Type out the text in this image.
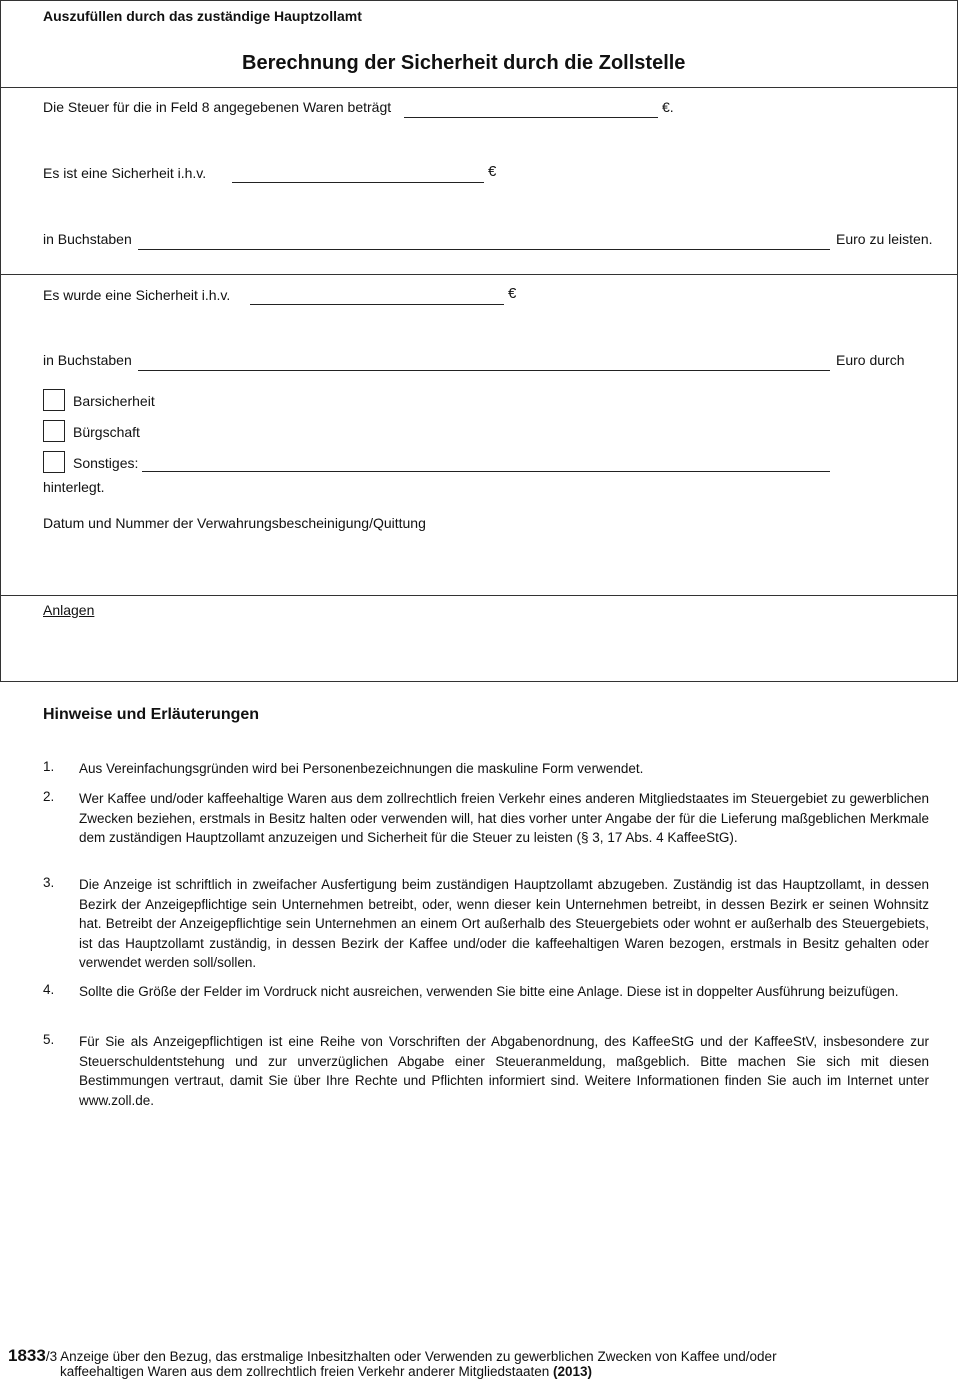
Auszufüllen durch das zuständige Hauptzollamt
Berechnung der Sicherheit durch die Zollstelle
Die Steuer für die in Feld 8 angegebenen Waren beträgt	€.
Es ist eine Sicherheit i.h.v.	€
in Buchstaben	Euro zu leisten.
Es wurde eine Sicherheit i.h.v.	€
in Buchstaben	Euro durch
Barsicherheit
Bürgschaft
Sonstiges:
hinterlegt.
Datum und Nummer der Verwahrungsbescheinigung/Quittung
Anlagen
Hinweise und Erläuterungen
1. Aus Vereinfachungsgründen wird bei Personenbezeichnungen die maskuline Form verwendet.
2. Wer Kaffee und/oder kaffeehaltige Waren aus dem zollrechtlich freien Verkehr eines anderen Mitgliedstaates im Steuergebiet zu gewerblichen Zwecken beziehen, erstmals in Besitz halten oder verwenden will, hat dies vorher unter Angabe der für die Lieferung maßgeblichen Merkmale dem zuständigen Hauptzollamt anzuzeigen und Sicherheit für die Steuer zu leisten (§ 3, 17 Abs. 4 KaffeeStG).
3. Die Anzeige ist schriftlich in zweifacher Ausfertigung beim zuständigen Hauptzollamt abzugeben. Zuständig ist das Hauptzollamt, in dessen Bezirk der Anzeigepflichtige sein Unternehmen betreibt, oder, wenn dieser kein Unternehmen betreibt, in dessen Bezirk er seinen Wohnsitz hat. Betreibt der Anzeigepflichtige sein Unternehmen an einem Ort außerhalb des Steuergebiets oder wohnt er außerhalb des Steuergebiets, ist das Hauptzollamt zuständig, in dessen Bezirk der Kaffee und/oder die kaffeehaltigen Waren bezogen, erstmals in Besitz gehalten oder verwendet werden soll/sollen.
4. Sollte die Größe der Felder im Vordruck nicht ausreichen, verwenden Sie bitte eine Anlage. Diese ist in doppelter Ausführung beizufügen.
5. Für Sie als Anzeigepflichtigen ist eine Reihe von Vorschriften der Abgabenordnung, des KaffeeStG und der KaffeeStV, insbesondere zur Steuerschuldentstehung und zur unverzüglichen Abgabe einer Steueranmeldung, maßgeblich. Bitte machen Sie sich mit diesen Bestimmungen vertraut, damit Sie über Ihre Rechte und Pflichten informiert sind. Weitere Informationen finden Sie auch im Internet unter www.zoll.de.
1833/3 Anzeige über den Bezug, das erstmalige Inbesitzhalten oder Verwenden zu gewerblichen Zwecken von Kaffee und/oder
kaffeehaltigen Waren aus dem zollrechtlich freien Verkehr anderer Mitgliedstaaten (2013)
